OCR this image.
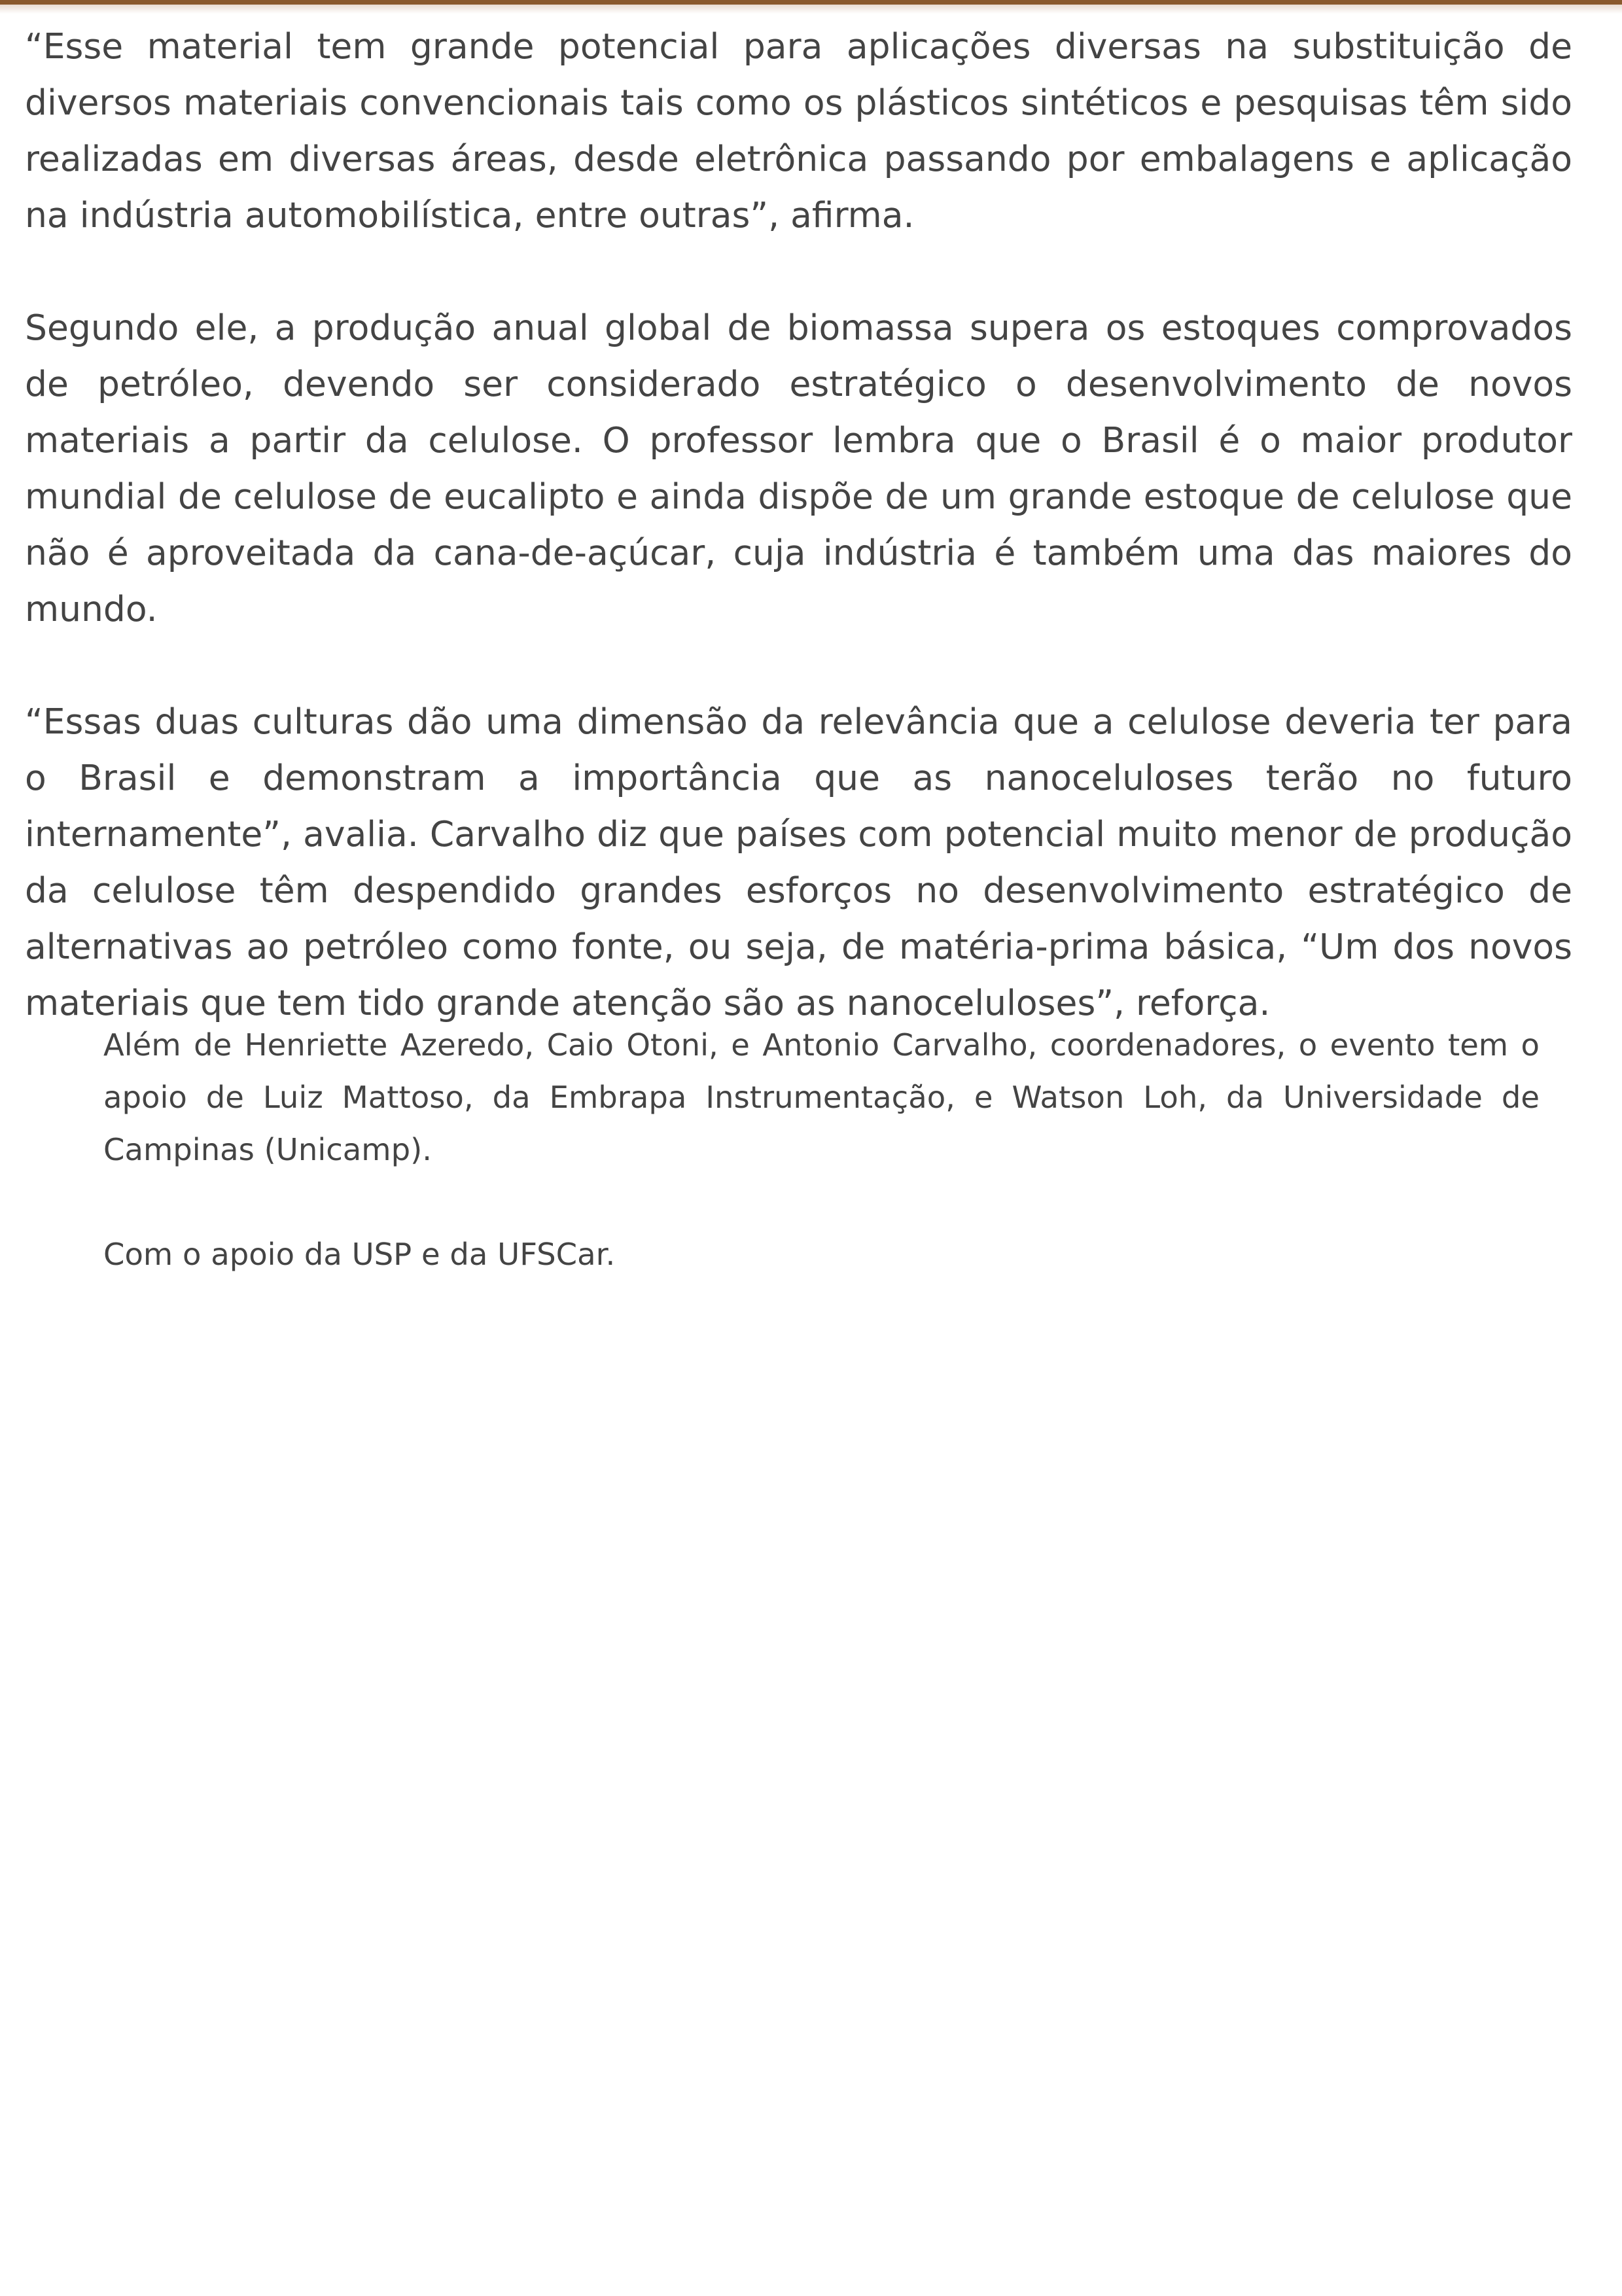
“Esse material tem grande potencial para aplicações diversas na substituição de diversos materiais convencionais tais como os plásticos sintéticos e pesquisas têm sido realizadas em diversas áreas, desde eletrônica passando por embalagens e aplicação na indústria automobilística, entre outras”, afirma.

Segundo ele, a produção anual global de biomassa supera os estoques comprovados de petróleo, devendo ser considerado estratégico o desenvolvimento de novos materiais a partir da celulose. O professor lembra que o Brasil é o maior produtor mundial de celulose de eucalipto e ainda dispõe de um grande estoque de celulose que não é aproveitada da cana-de-açúcar, cuja indústria é também uma das maiores do mundo.

“Essas duas culturas dão uma dimensão da relevância que a celulose deveria ter para o Brasil e demonstram a importância que as nanoceluloses terão no futuro internamente”, avalia. Carvalho diz que países com potencial muito menor de produção da celulose têm despendido grandes esforços no desenvolvimento estratégico de alternativas ao petróleo como fonte, ou seja, de matéria-prima básica, “Um dos novos materiais que tem tido grande atenção são as nanoceluloses”, reforça.

Além de Henriette Azeredo, Caio Otoni, e Antonio Carvalho, coordenadores, o evento tem o apoio de Luiz Mattoso, da Embrapa Instrumentação, e Watson Loh, da Universidade de Campinas (Unicamp).

Com o apoio da USP e da UFSCar.
